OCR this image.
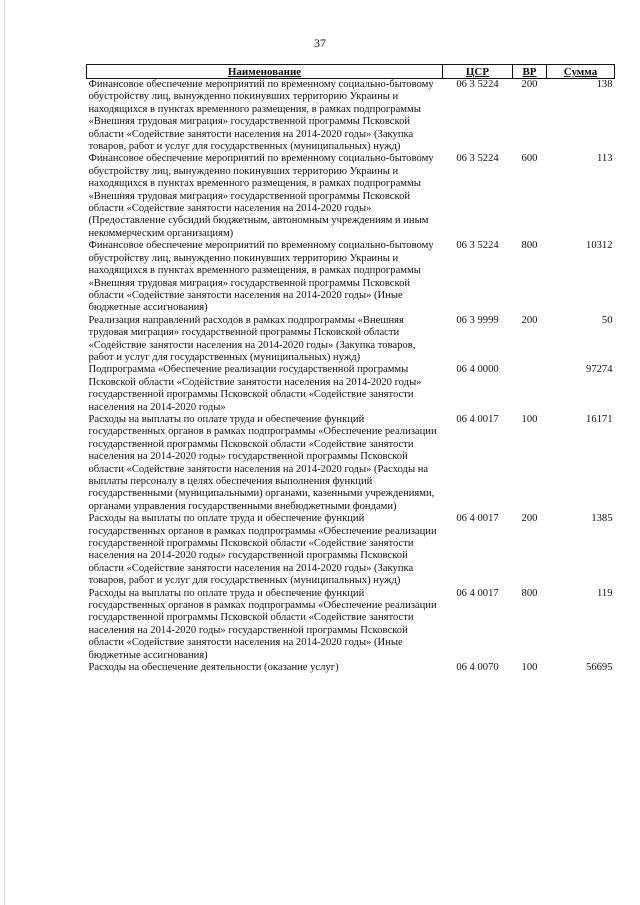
37
Наименование	ЦСР	ВР	Сумма
Финансовое обеспечение мероприятий по временному социально-бытовому обустройству лиц, вынужденно покинувших территорию Украины и находящихся в пунктах временного размещения, в рамках подпрограммы «Внешняя трудовая миграция» государственной программы Псковской области «Содействие занятости населения на 2014-2020 годы» (Закупка товаров, работ и услуг для государственных (муниципальных) нужд)	06 3 5224	200	138
Финансовое обеспечение мероприятий по временному социально-бытовому обустройству лиц, вынужденно покинувших территорию Украины и находящихся в пунктах временного размещения, в рамках подпрограммы «Внешняя трудовая миграция» государственной программы Псковской области «Содействие занятости населения на 2014-2020 годы» (Предоставление субсидий бюджетным, автономным учреждениям и иным некоммерческим организациям)	06 3 5224	600	113
Финансовое обеспечение мероприятий по временному социально-бытовому обустройству лиц, вынужденно покинувших территорию Украины и находящихся в пунктах временного размещения, в рамках подпрограммы «Внешняя трудовая миграция» государственной программы Псковской области «Содействие занятости населения на 2014-2020 годы» (Иные бюджетные ассигнования)	06 3 5224	800	10312
Реализация направлений расходов в рамках подпрограммы «Внешняя трудовая миграция» государственной программы Псковской области «Содействие занятости населения на 2014-2020 годы» (Закупка товаров, работ и услуг для государственных (муниципальных) нужд)	06 3 9999	200	50
Подпрограмма «Обеспечение реализации государственной программы Псковской области «Содействие занятости населения на 2014-2020 годы» государственной программы Псковской области «Содействие занятости населения на 2014-2020 годы»	06 4 0000		97274
Расходы на выплаты по оплате труда и обеспечение функций государственных органов в рамках подпрограммы «Обеспечение реализации государственной программы Псковской области «Содействие занятости населения на 2014-2020 годы» государственной программы Псковской области «Содействие занятости населения на 2014-2020 годы» (Расходы на выплаты персоналу в целях обеспечения выполнения функций государственными (муниципальными) органами, казенными учреждениями, органами управления государственными внебюджетными фондами)	06 4 0017	100	16171
Расходы на выплаты по оплате труда и обеспечение функций государственных органов в рамках подпрограммы «Обеспечение реализации государственной программы Псковской области «Содействие занятости населения на 2014-2020 годы» государственной программы Псковской области «Содействие занятости населения на 2014-2020 годы» (Закупка товаров, работ и услуг для государственных (муниципальных) нужд)	06 4 0017	200	1385
Расходы на выплаты по оплате труда и обеспечение функций государственных органов в рамках подпрограммы «Обеспечение реализации государственной программы Псковской области «Содействие занятости населения на 2014-2020 годы» государственной программы Псковской области «Содействие занятости населения на 2014-2020 годы» (Иные бюджетные ассигнования)	06 4 0017	800	119
Расходы на обеспечение деятельности (оказание услуг)	06 4 0070	100	56695
